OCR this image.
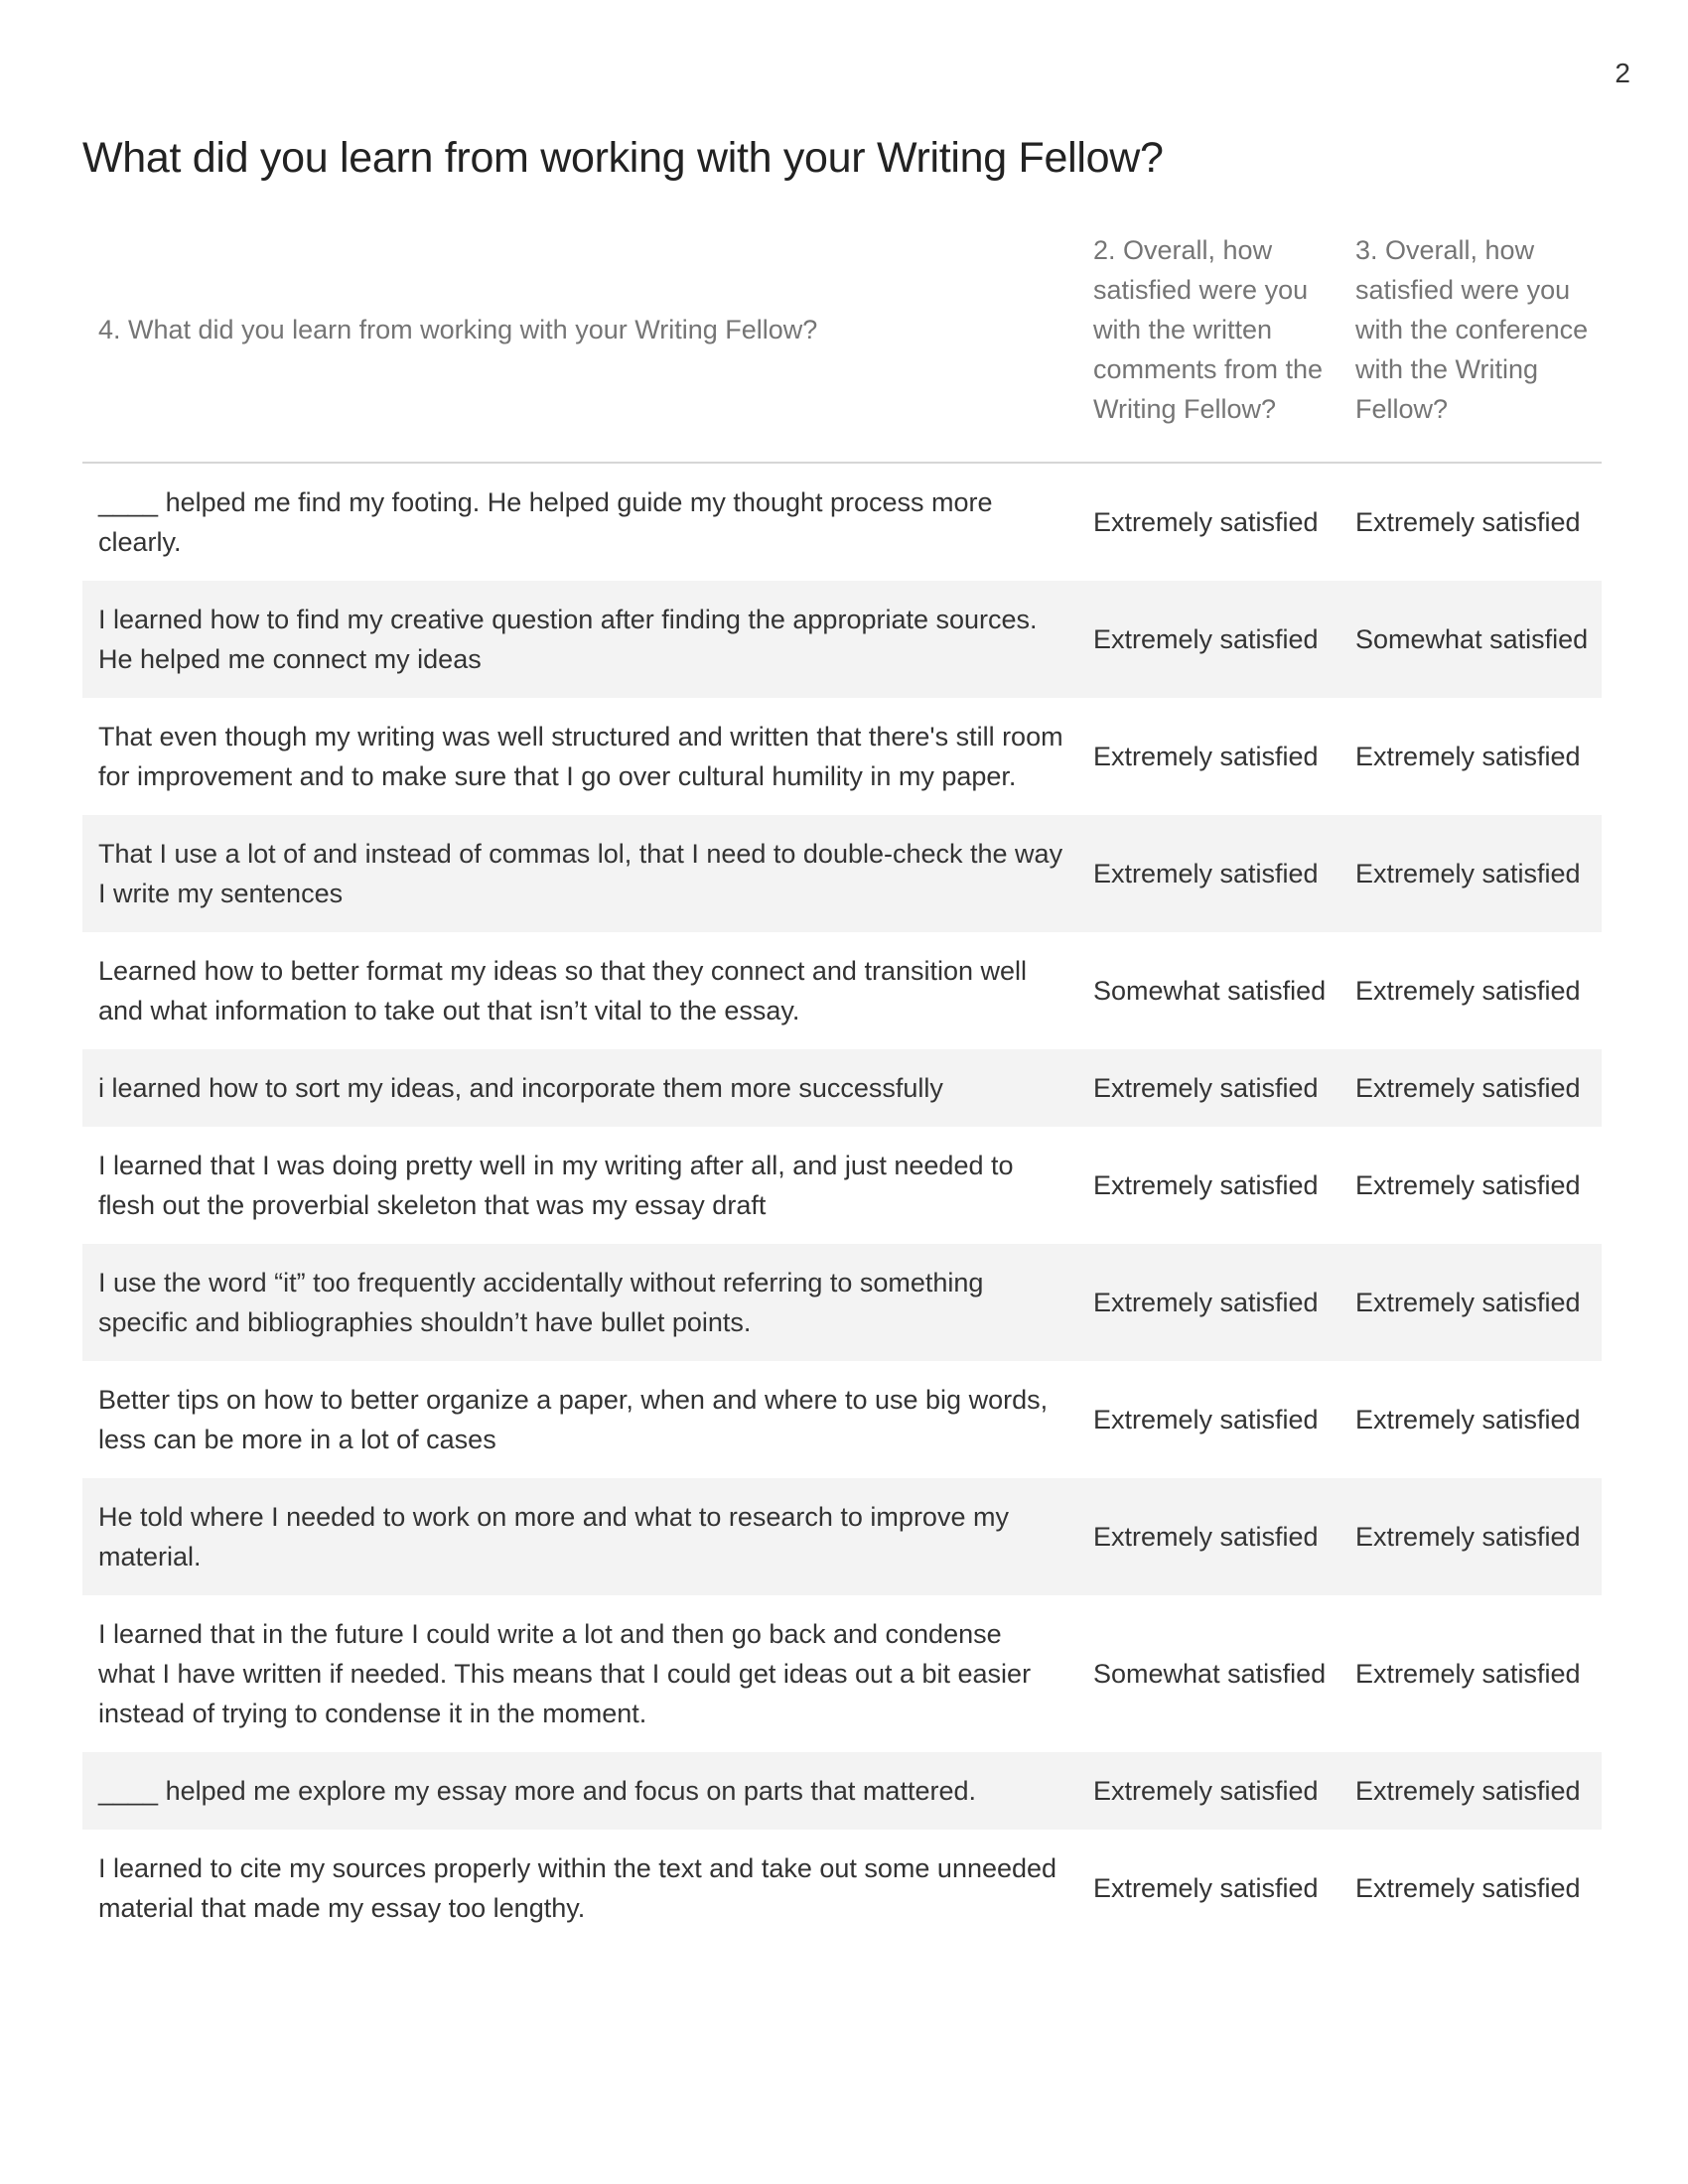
2
What did you learn from working with your Writing Fellow?
4. What did you learn from working with your Writing Fellow?	2. Overall, how satisfied were you with the written comments from the Writing Fellow?	3. Overall, how satisfied were you with the conference with the Writing Fellow?
____ helped me find my footing. He helped guide my thought process more clearly.	Extremely satisfied	Extremely satisfied
I learned how to find my creative question after finding the appropriate sources. He helped me connect my ideas	Extremely satisfied	Somewhat satisfied
That even though my writing was well structured and written that there's still room for improvement and to make sure that I go over cultural humility in my paper.	Extremely satisfied	Extremely satisfied
That I use a lot of and instead of commas lol, that I need to double-check the way I write my sentences	Extremely satisfied	Extremely satisfied
Learned how to better format my ideas so that they connect and transition well and what information to take out that isn’t vital to the essay.	Somewhat satisfied	Extremely satisfied
i learned how to sort my ideas, and incorporate them more successfully	Extremely satisfied	Extremely satisfied
I learned that I was doing pretty well in my writing after all, and just needed to flesh out the proverbial skeleton that was my essay draft	Extremely satisfied	Extremely satisfied
I use the word “it” too frequently accidentally without referring to something specific and bibliographies shouldn’t have bullet points.	Extremely satisfied	Extremely satisfied
Better tips on how to better organize a paper, when and where to use big words, less can be more in a lot of cases	Extremely satisfied	Extremely satisfied
He told where I needed to work on more and what to research to improve my material.	Extremely satisfied	Extremely satisfied
I learned that in the future I could write a lot and then go back and condense what I have written if needed. This means that I could get ideas out a bit easier instead of trying to condense it in the moment.	Somewhat satisfied	Extremely satisfied
____ helped me explore my essay more and focus on parts that mattered.	Extremely satisfied	Extremely satisfied
I learned to cite my sources properly within the text and take out some unneeded material that made my essay too lengthy.	Extremely satisfied	Extremely satisfied
